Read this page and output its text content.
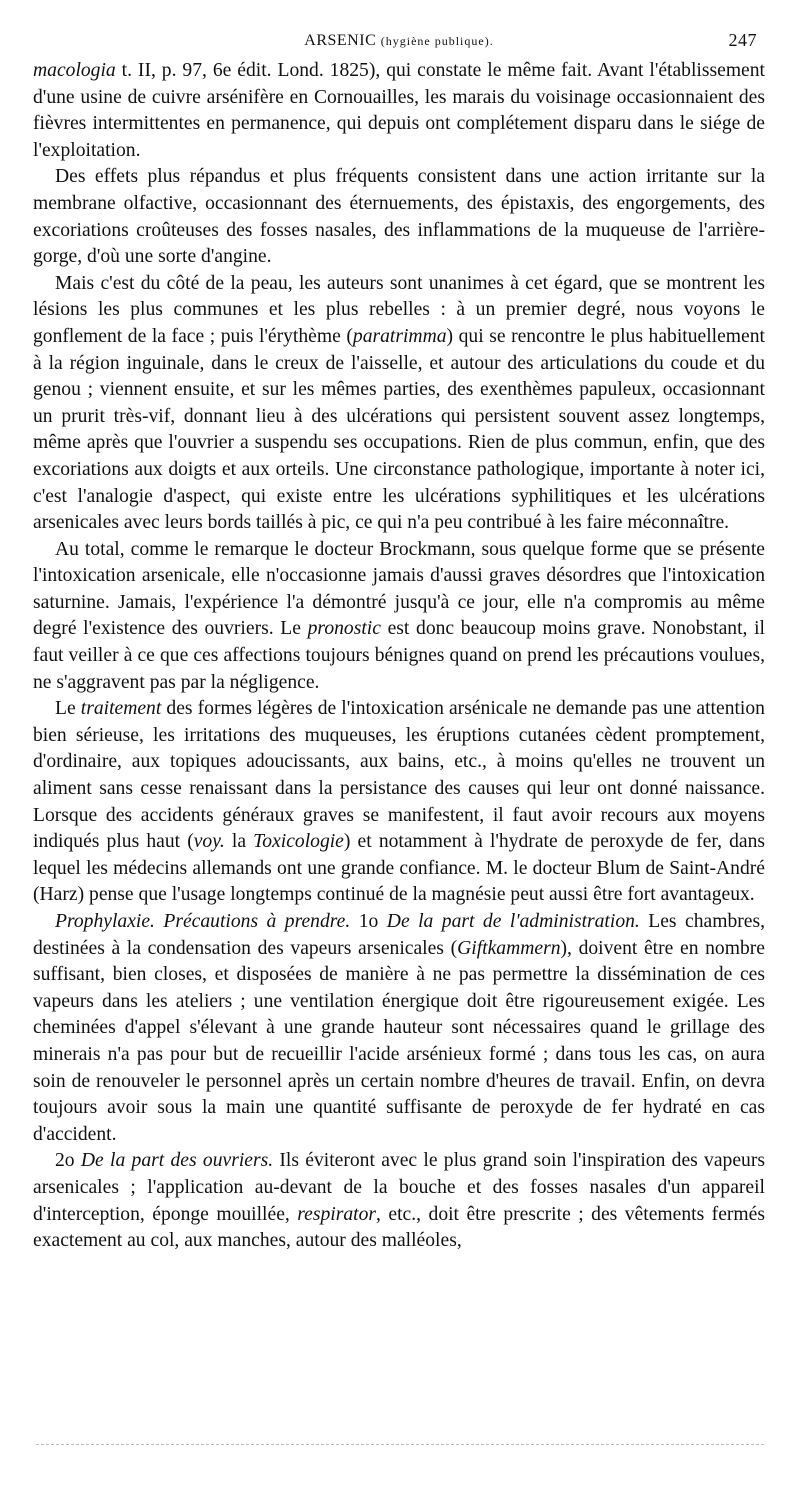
ARSENIC (hygiène publique).	247

macologia t. II, p. 97, 6e édit. Lond. 1825), qui constate le même fait. Avant l'établissement d'une usine de cuivre arsénifère en Cornouailles, les marais du voisinage occasionnaient des fièvres intermittentes en permanence, qui depuis ont complétement disparu dans le siége de l'exploitation.

Des effets plus répandus et plus fréquents consistent dans une action irritante sur la membrane olfactive, occasionnant des éternuements, des épistaxis, des engorgements, des excoriations croûteuses des fosses nasales, des inflammations de la muqueuse de l'arrière-gorge, d'où une sorte d'angine.

Mais c'est du côté de la peau, les auteurs sont unanimes à cet égard, que se montrent les lésions les plus communes et les plus rebelles : à un premier degré, nous voyons le gonflement de la face ; puis l'érythème (paratrimma) qui se rencontre le plus habituellement à la région inguinale, dans le creux de l'aisselle, et autour des articulations du coude et du genou ; viennent ensuite, et sur les mêmes parties, des exenthèmes papuleux, occasionnant un prurit très-vif, donnant lieu à des ulcérations qui persistent souvent assez longtemps, même après que l'ouvrier a suspendu ses occupations. Rien de plus commun, enfin, que des excoriations aux doigts et aux orteils. Une circonstance pathologique, importante à noter ici, c'est l'analogie d'aspect, qui existe entre les ulcérations syphilitiques et les ulcérations arsenicales avec leurs bords taillés à pic, ce qui n'a peu contribué à les faire méconnaître.

Au total, comme le remarque le docteur Brockmann, sous quelque forme que se présente l'intoxication arsenicale, elle n'occasionne jamais d'aussi graves désordres que l'intoxication saturnine. Jamais, l'expérience l'a démontré jusqu'à ce jour, elle n'a compromis au même degré l'existence des ouvriers. Le pronostic est donc beaucoup moins grave. Nonobstant, il faut veiller à ce que ces affections toujours bénignes quand on prend les précautions voulues, ne s'aggravent pas par la négligence.

Le traitement des formes légères de l'intoxication arsénicale ne demande pas une attention bien sérieuse, les irritations des muqueuses, les éruptions cutanées cèdent promptement, d'ordinaire, aux topiques adoucissants, aux bains, etc., à moins qu'elles ne trouvent un aliment sans cesse renaissant dans la persistance des causes qui leur ont donné naissance. Lorsque des accidents généraux graves se manifestent, il faut avoir recours aux moyens indiqués plus haut (voy. la Toxicologie) et notamment à l'hydrate de peroxyde de fer, dans lequel les médecins allemands ont une grande confiance. M. le docteur Blum de Saint-André (Harz) pense que l'usage longtemps continué de la magnésie peut aussi être fort avantageux.

Prophylaxie. Précautions à prendre. 1o De la part de l'administration. Les chambres, destinées à la condensation des vapeurs arsenicales (Giftkammern), doivent être en nombre suffisant, bien closes, et disposées de manière à ne pas permettre la dissémination de ces vapeurs dans les ateliers ; une ventilation énergique doit être rigoureusement exigée. Les cheminées d'appel s'élevant à une grande hauteur sont nécessaires quand le grillage des minerais n'a pas pour but de recueillir l'acide arsénieux formé ; dans tous les cas, on aura soin de renouveler le personnel après un certain nombre d'heures de travail. Enfin, on devra toujours avoir sous la main une quantité suffisante de peroxyde de fer hydraté en cas d'accident.

2o De la part des ouvriers. Ils éviteront avec le plus grand soin l'inspiration des vapeurs arsenicales ; l'application au-devant de la bouche et des fosses nasales d'un appareil d'interception, éponge mouillée, respirator, etc., doit être prescrite ; des vêtements fermés exactement au col, aux manches, autour des malléoles,
